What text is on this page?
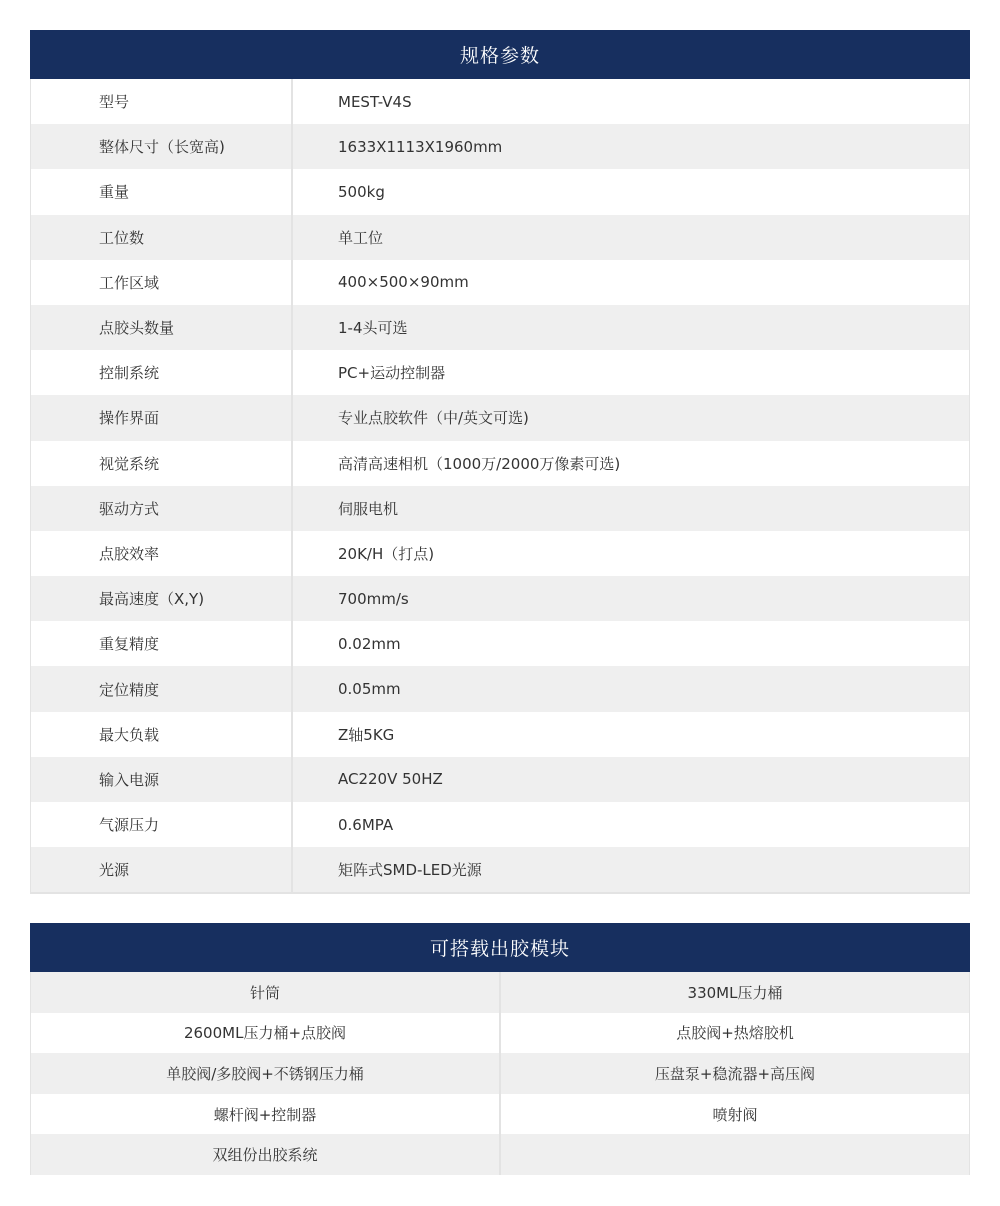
规格参数
型号	MEST-V4S
整体尺寸（长宽高)	1633X1113X1960mm
重量	500kg
工位数	单工位
工作区域	400×500×90mm
点胶头数量	1-4头可选
控制系统	PC+运动控制器
操作界面	专业点胶软件（中/英文可选)
视觉系统	高清高速相机（1000万/2000万像素可选)
驱动方式	伺服电机
点胶效率	20K/H（打点)
最高速度（X,Y)	700mm/s
重复精度	0.02mm
定位精度	0.05mm
最大负载	Z轴5KG
输入电源	AC220V 50HZ
气源压力	0.6MPA
光源	矩阵式SMD-LED光源
可搭载出胶模块
针筒	330ML压力桶
2600ML压力桶+点胶阀	点胶阀+热熔胶机
单胶阀/多胶阀+不锈钢压力桶	压盘泵+稳流器+高压阀
螺杆阀+控制器	喷射阀
双组份出胶系统
